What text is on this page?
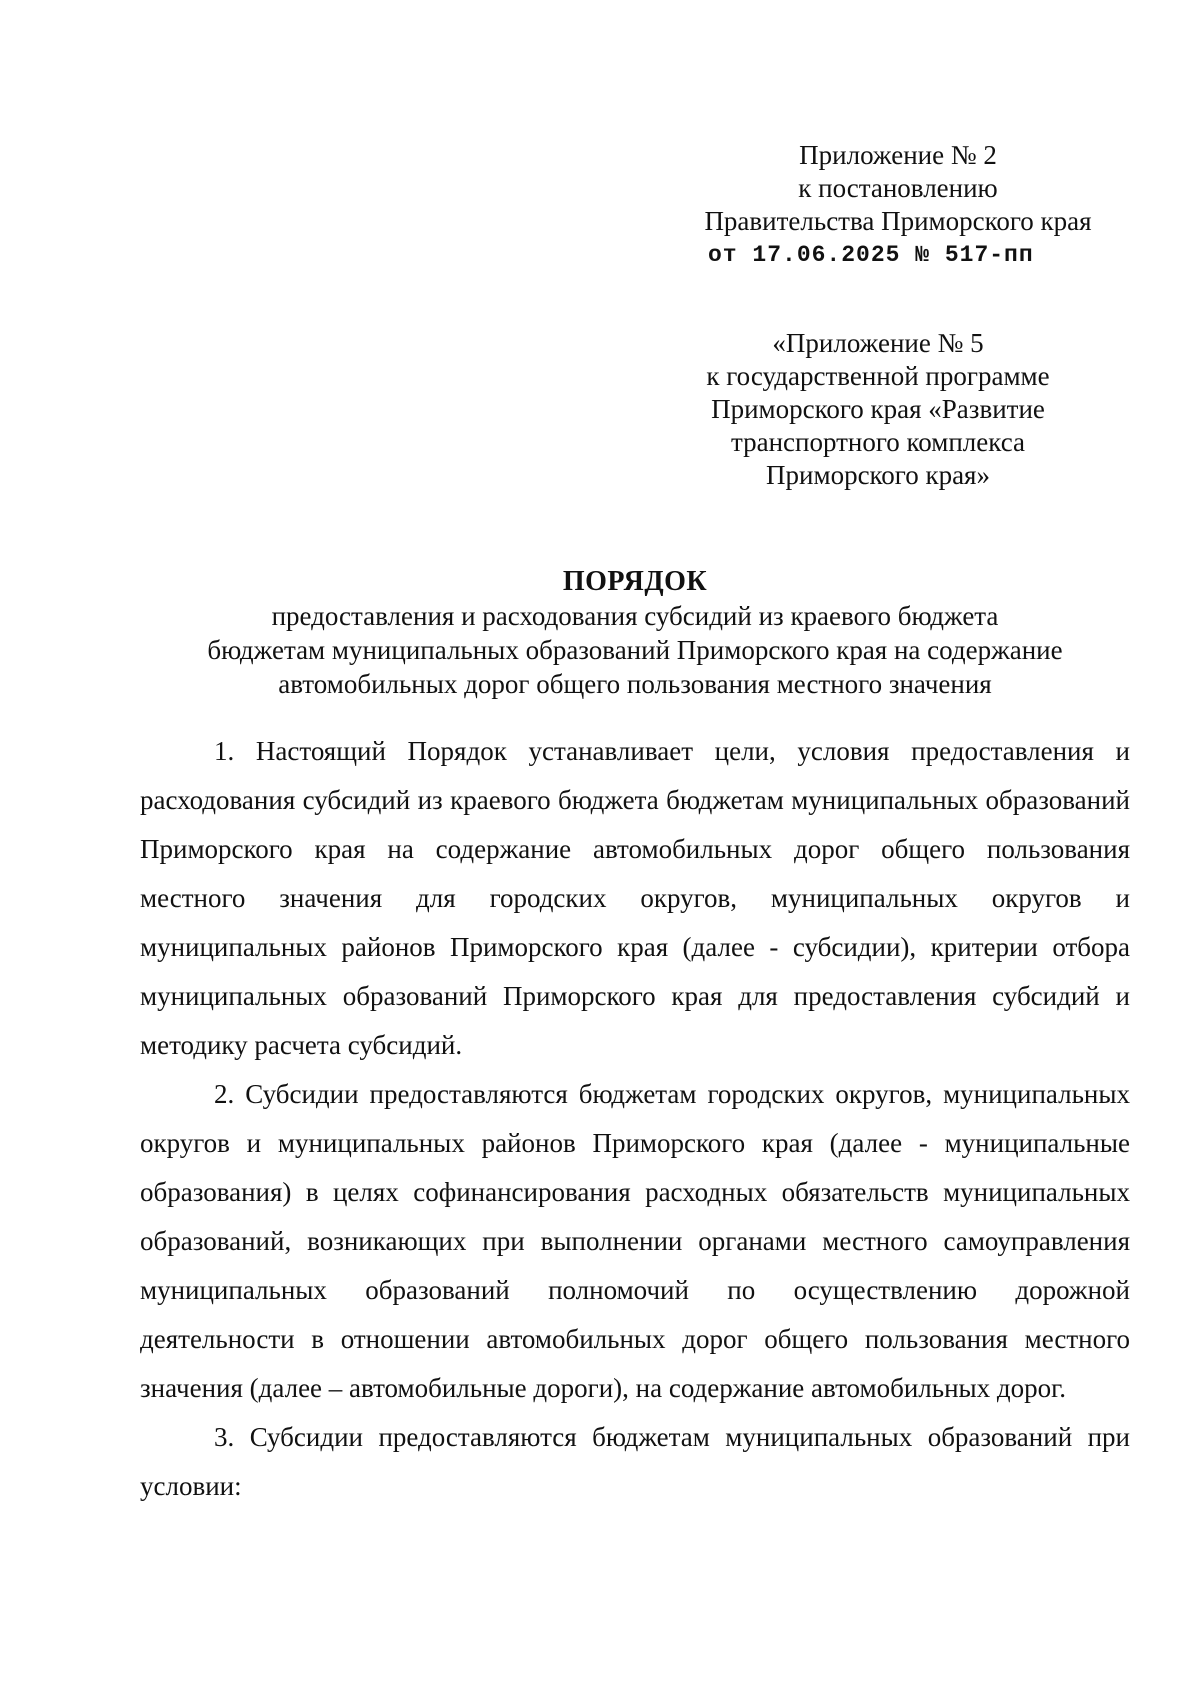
Приложение № 2
к постановлению
Правительства Приморского края
от 17.06.2025 № 517-пп
«Приложение № 5
к государственной программе
Приморского края «Развитие
транспортного комплекса
Приморского края»
ПОРЯДОК
предоставления и расходования субсидий из краевого бюджета
бюджетам муниципальных образований Приморского края на содержание
автомобильных дорог общего пользования местного значения

1. Настоящий Порядок устанавливает цели, условия предоставления и расходования субсидий из краевого бюджета бюджетам муниципальных образований Приморского края на содержание автомобильных дорог общего пользования местного значения для городских округов, муниципальных округов и муниципальных районов Приморского края (далее - субсидии), критерии отбора муниципальных образований Приморского края для предоставления субсидий и методику расчета субсидий.

2. Субсидии предоставляются бюджетам городских округов, муниципальных округов и муниципальных районов Приморского края (далее - муниципальные образования) в целях софинансирования расходных обязательств муниципальных образований, возникающих при выполнении органами местного самоуправления муниципальных образований полномочий по осуществлению дорожной деятельности в отношении автомобильных дорог общего пользования местного значения (далее – автомобильные дороги), на содержание автомобильных дорог.

3. Субсидии предоставляются бюджетам муниципальных образований при условии:
